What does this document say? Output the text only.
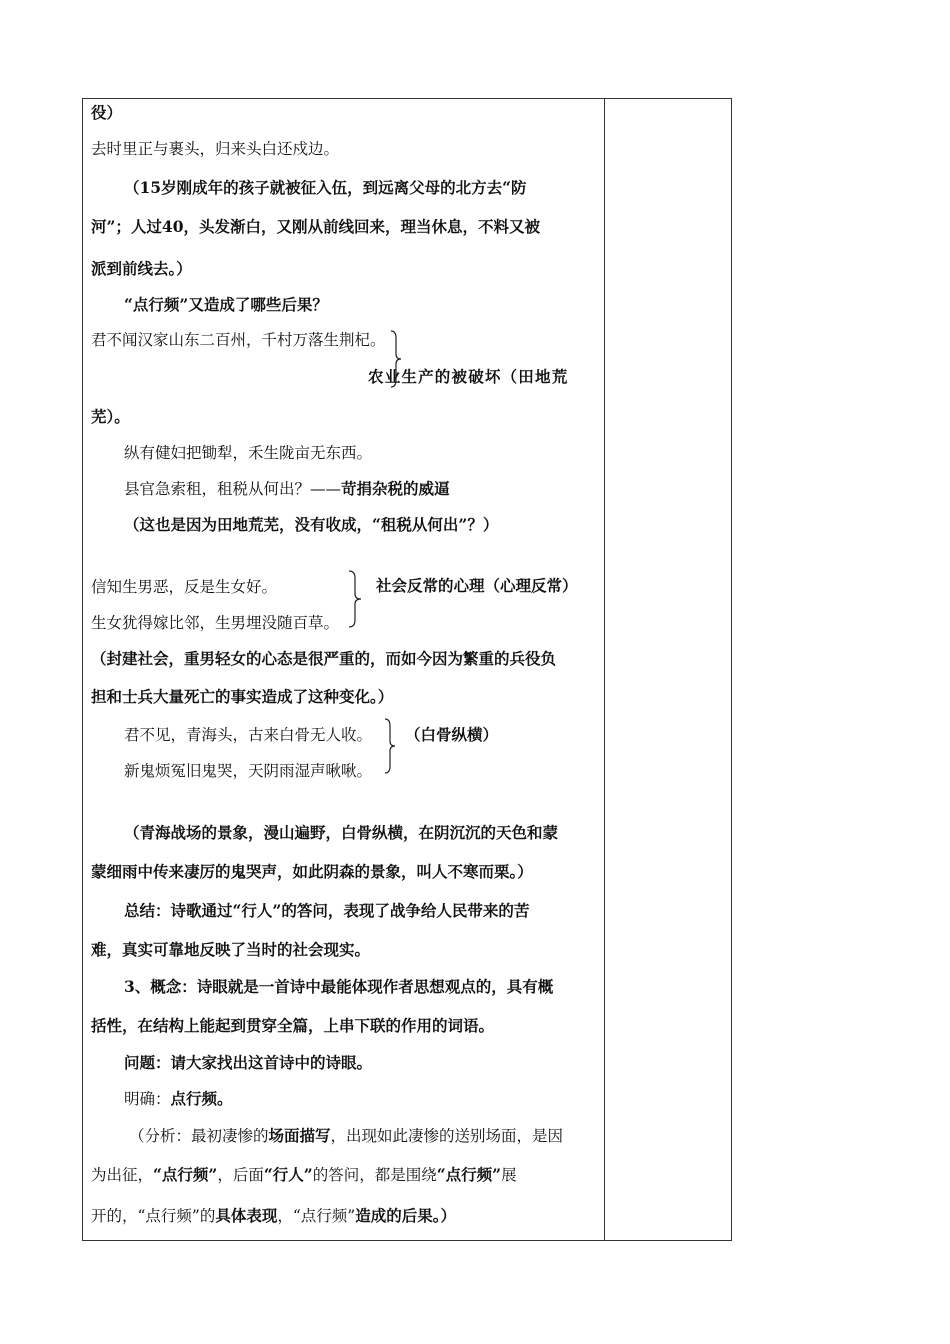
役）
去时里正与裹头，归来头白还戍边。
（15岁刚成年的孩子就被征入伍，到远离父母的北方去“防
河”；人过40，头发渐白，又刚从前线回来，理当休息，不料又被
派到前线去。）
“点行频”又造成了哪些后果？
君不闻汉家山东二百州，千村万落生荆杞。
农业生产的被破坏（田地荒
芜）。
纵有健妇把锄犁，禾生陇亩无东西。
县官急索租，租税从何出？——苛捐杂税的威逼
（这也是因为田地荒芜，没有收成，“租税从何出”？）
信知生男恶，反是生女好。	社会反常的心理（心理反常）
生女犹得嫁比邻，生男埋没随百草。
（封建社会，重男轻女的心态是很严重的，而如今因为繁重的兵役负
担和士兵大量死亡的事实造成了这种变化。）
君不见，青海头，古来白骨无人收。 （白骨纵横）
新鬼烦冤旧鬼哭，天阴雨湿声啾啾。
（青海战场的景象，漫山遍野，白骨纵横，在阴沉沉的天色和蒙
蒙细雨中传来凄厉的鬼哭声，如此阴森的景象，叫人不寒而栗。）
总结：诗歌通过“行人”的答问，表现了战争给人民带来的苦
难，真实可靠地反映了当时的社会现实。
3、概念：诗眼就是一首诗中最能体现作者思想观点的，具有概
括性，在结构上能起到贯穿全篇，上串下联的作用的词语。
问题：请大家找出这首诗中的诗眼。
明确：点行频。
（分析：最初凄惨的场面描写，出现如此凄惨的送别场面，是因
为出征，“点行频”，后面“行人”的答问，都是围绕“点行频”展
开的，“点行频”的具体表现，“点行频”造成的后果。）
